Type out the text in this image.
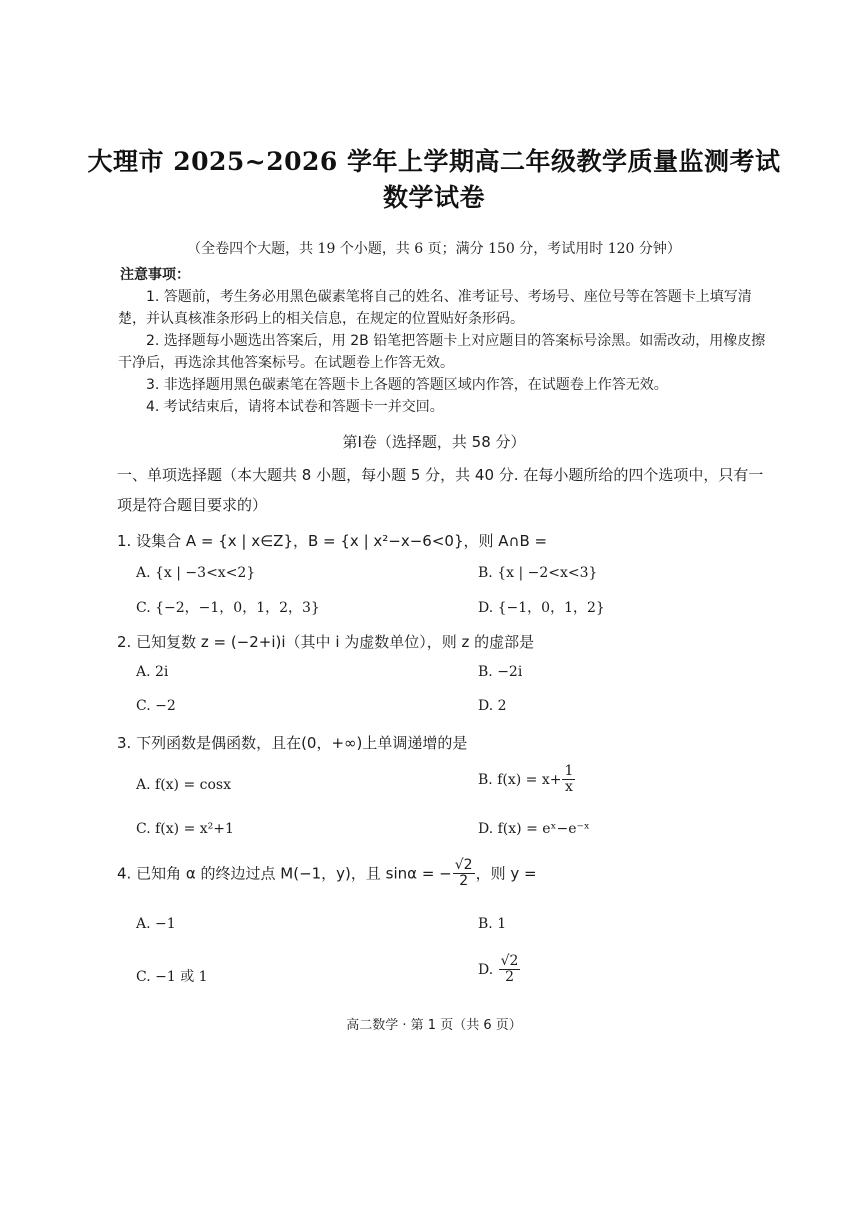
大理市 2025~2026 学年上学期高二年级教学质量监测考试
数学试卷
（全卷四个大题，共 19 个小题，共 6 页；满分 150 分，考试用时 120 分钟）
注意事项：

1. 答题前，考生务必用黑色碳素笔将自己的姓名、准考证号、考场号、座位号等在答题卡上填写清楚，并认真核准条形码上的相关信息，在规定的位置贴好条形码。

2. 选择题每小题选出答案后，用 2B 铅笔把答题卡上对应题目的答案标号涂黑。如需改动，用橡皮擦干净后，再选涂其他答案标号。在试题卷上作答无效。

3. 非选择题用黑色碳素笔在答题卡上各题的答题区域内作答，在试题卷上作答无效。

4. 考试结束后，请将本试卷和答题卡一并交回。

第Ⅰ卷（选择题，共 58 分）
一、单项选择题（本大题共 8 小题，每小题 5 分，共 40 分. 在每小题所给的四个选项中，只有一项是符合题目要求的）
1. 设集合 A = {x | x∈Z}，B = {x | x²−x−6<0}，则 A∩B =
A. {x | −3<x<2}	B. {x | −2<x<3}
C. {−2，−1，0，1，2，3}	D. {−1，0，1，2}
2. 已知复数 z = (−2+i)i（其中 i 为虚数单位），则 z 的虚部是
A. 2i	B. −2i
C. −2	D. 2
3. 下列函数是偶函数，且在(0，+∞)上单调递增的是
A. f(x) = cosx	B. $f(x) = x+ \frac{1}{x}$
C. f(x) = x²+1	D. f(x) = eˣ−e⁻ˣ
4. 已知角 α 的终边过点 M(−1，y)，且 sinα = − $\frac{√2}{2}$ ，则 y =
A. −1	B. 1
C. −1 或 1	D. $\frac{√2}{2}$
高二数学 · 第 1 页（共 6 页）
